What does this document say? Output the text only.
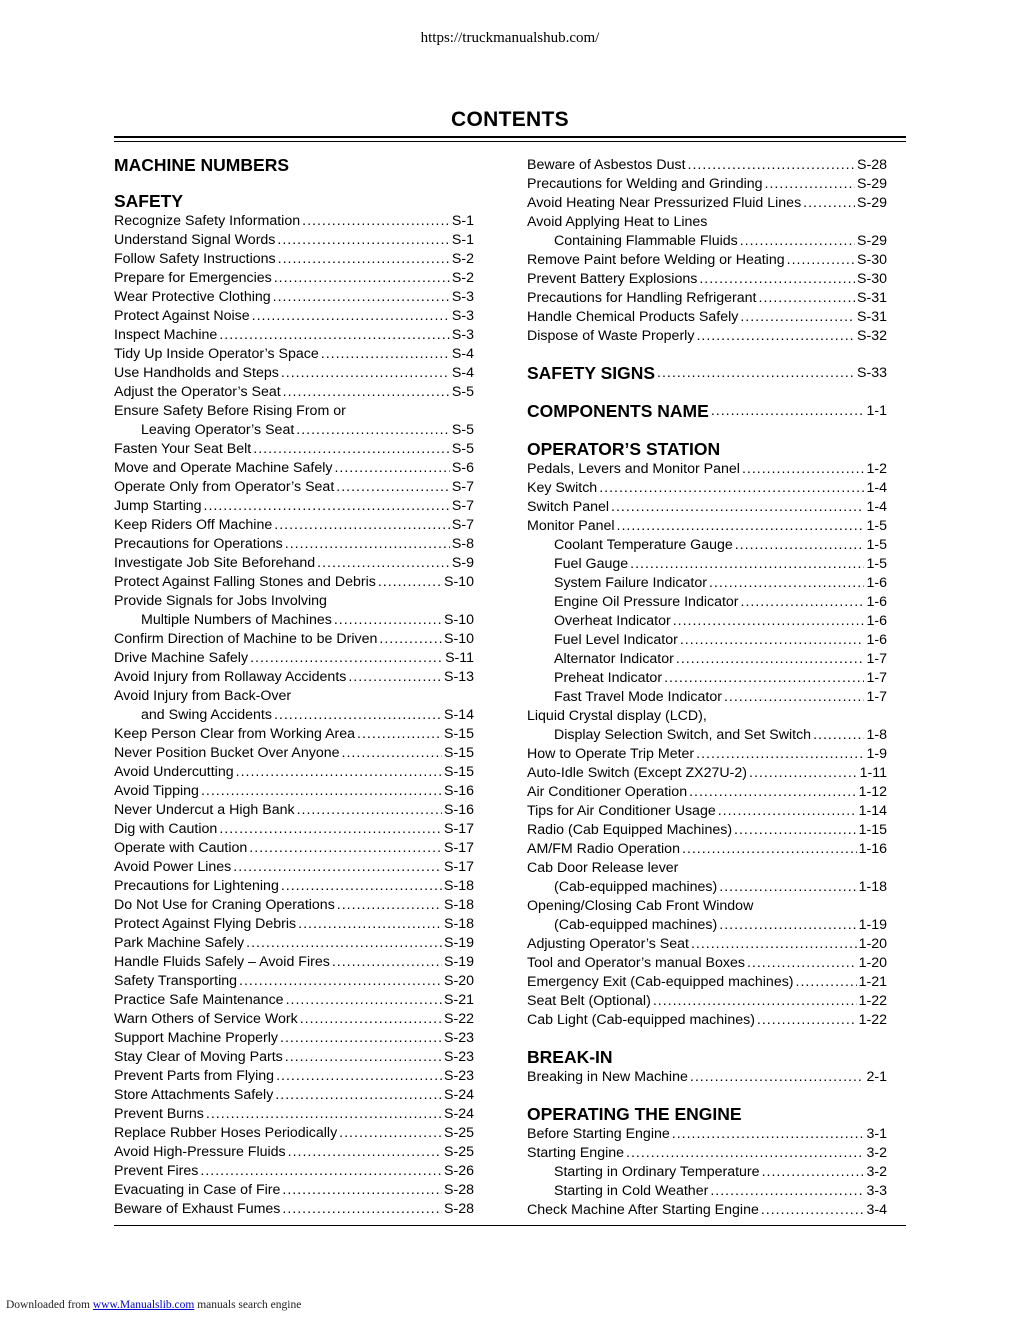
https://truckmanualshub.com/
CONTENTS
MACHINE NUMBERS
SAFETY
Recognize Safety Information .....	S-1
Understand Signal Words .....	S-1
Follow Safety Instructions .....	S-2
Prepare for Emergencies .....	S-2
Wear Protective Clothing .....	S-3
Protect Against Noise .....	S-3
Inspect Machine .....	S-3
Tidy Up Inside Operator’s Space .....	S-4
Use Handholds and Steps .....	S-4
Adjust the Operator’s Seat .....	S-5
Ensure Safety Before Rising From or
Leaving Operator’s Seat .....	S-5
Fasten Your Seat Belt .....	S-5
Move and Operate Machine Safely .....	S-6
Operate Only from Operator’s Seat .....	S-7
Jump Starting .....	S-7
Keep Riders Off Machine .....	S-7
Precautions for Operations .....	S-8
Investigate Job Site Beforehand .....	S-9
Protect Against Falling Stones and Debris .....	S-10
Provide Signals for Jobs Involving
Multiple Numbers of Machines .....	S-10
Confirm Direction of Machine to be Driven .....	S-10
Drive Machine Safely .....	S-11
Avoid Injury from Rollaway Accidents .....	S-13
Avoid Injury from Back-Over
and Swing Accidents .....	S-14
Keep Person Clear from Working Area .....	S-15
Never Position Bucket Over Anyone .....	S-15
Avoid Undercutting .....	S-15
Avoid Tipping .....	S-16
Never Undercut a High Bank .....	S-16
Dig with Caution .....	S-17
Operate with Caution .....	S-17
Avoid Power Lines .....	S-17
Precautions for Lightening .....	S-18
Do Not Use for Craning Operations .....	S-18
Protect Against Flying Debris .....	S-18
Park Machine Safely .....	S-19
Handle Fluids Safely – Avoid Fires .....	S-19
Safety Transporting .....	S-20
Practice Safe Maintenance .....	S-21
Warn Others of Service Work .....	S-22
Support Machine Properly .....	S-23
Stay Clear of Moving Parts .....	S-23
Prevent Parts from Flying .....	S-23
Store Attachments Safely .....	S-24
Prevent Burns .....	S-24
Replace Rubber Hoses Periodically .....	S-25
Avoid High-Pressure Fluids .....	S-25
Prevent Fires .....	S-26
Evacuating in Case of Fire .....	S-28
Beware of Exhaust Fumes .....	S-28
Beware of Asbestos Dust .....	S-28
Precautions for Welding and Grinding .....	S-29
Avoid Heating Near Pressurized Fluid Lines .....	S-29
Avoid Applying Heat to Lines
Containing Flammable Fluids .....	S-29
Remove Paint before Welding or Heating .....	S-30
Prevent Battery Explosions .....	S-30
Precautions for Handling Refrigerant .....	S-31
Handle Chemical Products Safely .....	S-31
Dispose of Waste Properly .....	S-32
SAFETY SIGNS .....	S-33
COMPONENTS NAME .....	1-1
OPERATOR’S STATION
Pedals, Levers and Monitor Panel .....	1-2
Key Switch .....	1-4
Switch Panel .....	1-4
Monitor Panel .....	1-5
Coolant Temperature Gauge .....	1-5
Fuel Gauge .....	1-5
System Failure Indicator .....	1-6
Engine Oil Pressure Indicator .....	1-6
Overheat Indicator .....	1-6
Fuel Level Indicator .....	1-6
Alternator Indicator .....	1-7
Preheat Indicator .....	1-7
Fast Travel Mode Indicator .....	1-7
Liquid Crystal display (LCD),
Display Selection Switch, and Set Switch .....	1-8
How to Operate Trip Meter .....	1-9
Auto-Idle Switch (Except ZX27U-2) .....	1-11
Air Conditioner Operation .....	1-12
Tips for Air Conditioner Usage .....	1-14
Radio (Cab Equipped Machines) .....	1-15
AM/FM Radio Operation .....	1-16
Cab Door Release lever
(Cab-equipped machines) .....	1-18
Opening/Closing Cab Front Window
(Cab-equipped machines) .....	1-19
Adjusting Operator’s Seat .....	1-20
Tool and Operator’s manual Boxes .....	1-20
Emergency Exit (Cab-equipped machines) .....	1-21
Seat Belt (Optional) .....	1-22
Cab Light (Cab-equipped machines) .....	1-22
BREAK-IN
Breaking in New Machine .....	2-1
OPERATING THE ENGINE
Before Starting Engine .....	3-1
Starting Engine .....	3-2
Starting in Ordinary Temperature .....	3-2
Starting in Cold Weather .....	3-3
Check Machine After Starting Engine .....	3-4
Downloaded from www.Manualslib.com manuals search engine
